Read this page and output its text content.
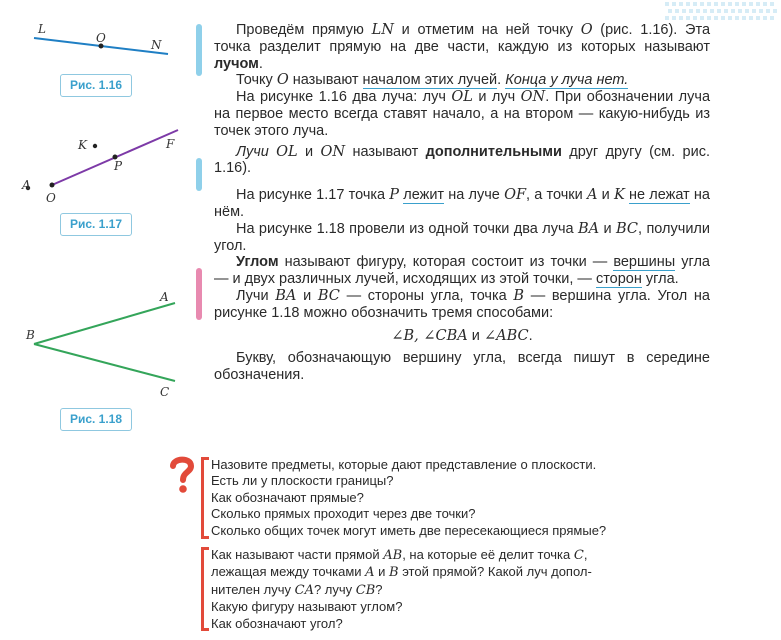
L
O	N
Рис. 1.16
K	F
P
A
O
Рис. 1.17
A
B
C
Рис. 1.18

Проведём прямую LN и отметим на ней точку O (рис. 1.16). Эта точка разделит прямую на две части, каждую из которых называют лучом.

Точку O называют началом этих лучей. Конца у луча нет.

На рисунке 1.16 два луча: луч OL и луч ON. При обозначении луча на первое место всегда ставят начало, а на втором — какую-нибудь из точек этого луча.

Лучи OL и ON называют дополнительными друг другу (см. рис. 1.16).

На рисунке 1.17 точка P лежит на луче OF, а точки A и K не лежат на нём.

На рисунке 1.18 провели из одной точки два луча BA и BC, получили угол.

Углом называют фигуру, которая состоит из точки — вершины угла — и двух различных лучей, исходящих из этой точки, — сторон угла.

Лучи BA и BC — стороны угла, точка B — вершина угла. Угол на рисунке 1.18 можно обозначить тремя способами:

∠B, ∠CBA и ∠ABC.

Букву, обозначающую вершину угла, всегда пишут в середине обозначения.

Назовите предметы, которые дают представление о плоскости.
Есть ли у плоскости границы?
Как обозначают прямые?
Сколько прямых проходит через две точки?
Сколько общих точек могут иметь две пересекающиеся прямые?
Как называют части прямой AB, на которые её делит точка C,
лежащая между точками A и B этой прямой? Какой луч допол-
нителен лучу CA? лучу CB?
Какую фигуру называют углом?
Как обозначают угол?
